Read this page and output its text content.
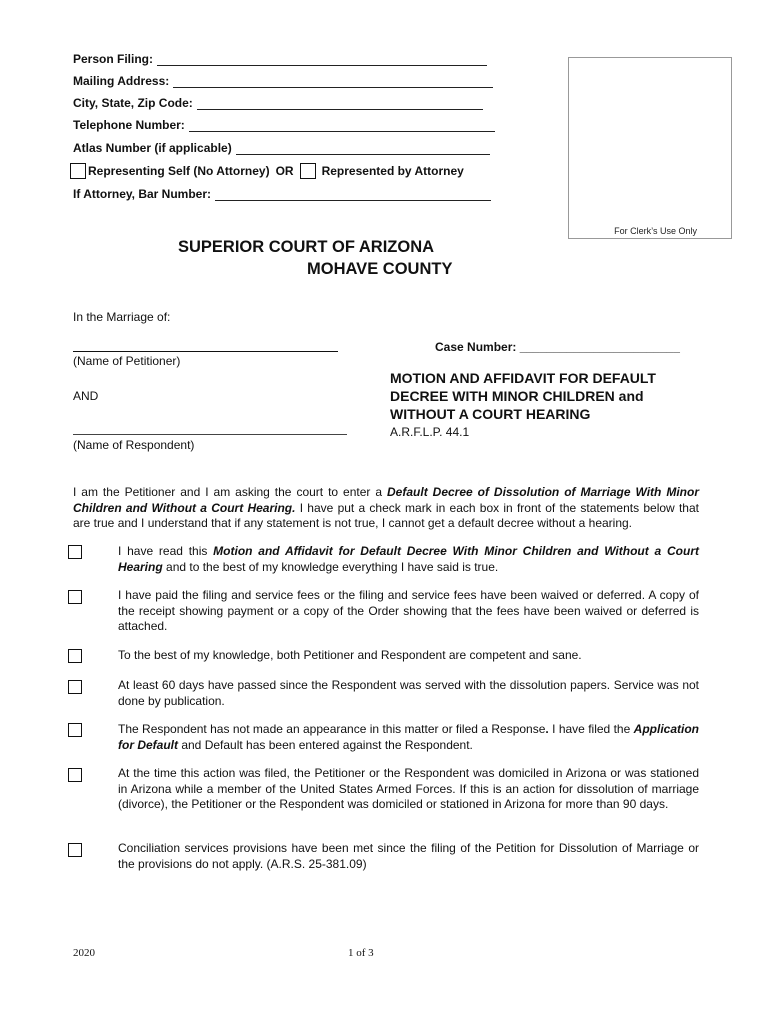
Person Filing:
Mailing Address:
City, State, Zip Code:
Telephone Number:
Atlas Number (if applicable)
Representing Self (No Attorney) OR Represented by Attorney
If Attorney, Bar Number:
For Clerk’s Use Only
SUPERIOR COURT OF ARIZONA
MOHAVE COUNTY
In the Marriage of:
(Name of Petitioner)
AND
(Name of Respondent)
Case Number: ________________________
MOTION AND AFFIDAVIT FOR DEFAULT
DECREE WITH MINOR CHILDREN and
WITHOUT A COURT HEARING
A.R.F.L.P. 44.1
I am the Petitioner and I am asking the court to enter a Default Decree of Dissolution of Marriage With Minor Children and Without a Court Hearing. I have put a check mark in each box in front of the statements below that are true and I understand that if any statement is not true, I cannot get a default decree without a hearing.
I have read this Motion and Affidavit for Default Decree With Minor Children and Without a Court Hearing and to the best of my knowledge everything I have said is true.
I have paid the filing and service fees or the filing and service fees have been waived or deferred. A copy of the receipt showing payment or a copy of the Order showing that the fees have been waived or deferred is attached.
To the best of my knowledge, both Petitioner and Respondent are competent and sane.
At least 60 days have passed since the Respondent was served with the dissolution papers. Service was not done by publication.
The Respondent has not made an appearance in this matter or filed a Response. I have filed the Application for Default and Default has been entered against the Respondent.
At the time this action was filed, the Petitioner or the Respondent was domiciled in Arizona or was stationed in Arizona while a member of the United States Armed Forces. If this is an action for dissolution of marriage (divorce), the Petitioner or the Respondent was domiciled or stationed in Arizona for more than 90 days.
Conciliation services provisions have been met since the filing of the Petition for Dissolution of Marriage or the provisions do not apply. (A.R.S. 25-381.09)
2020	1 of 3
